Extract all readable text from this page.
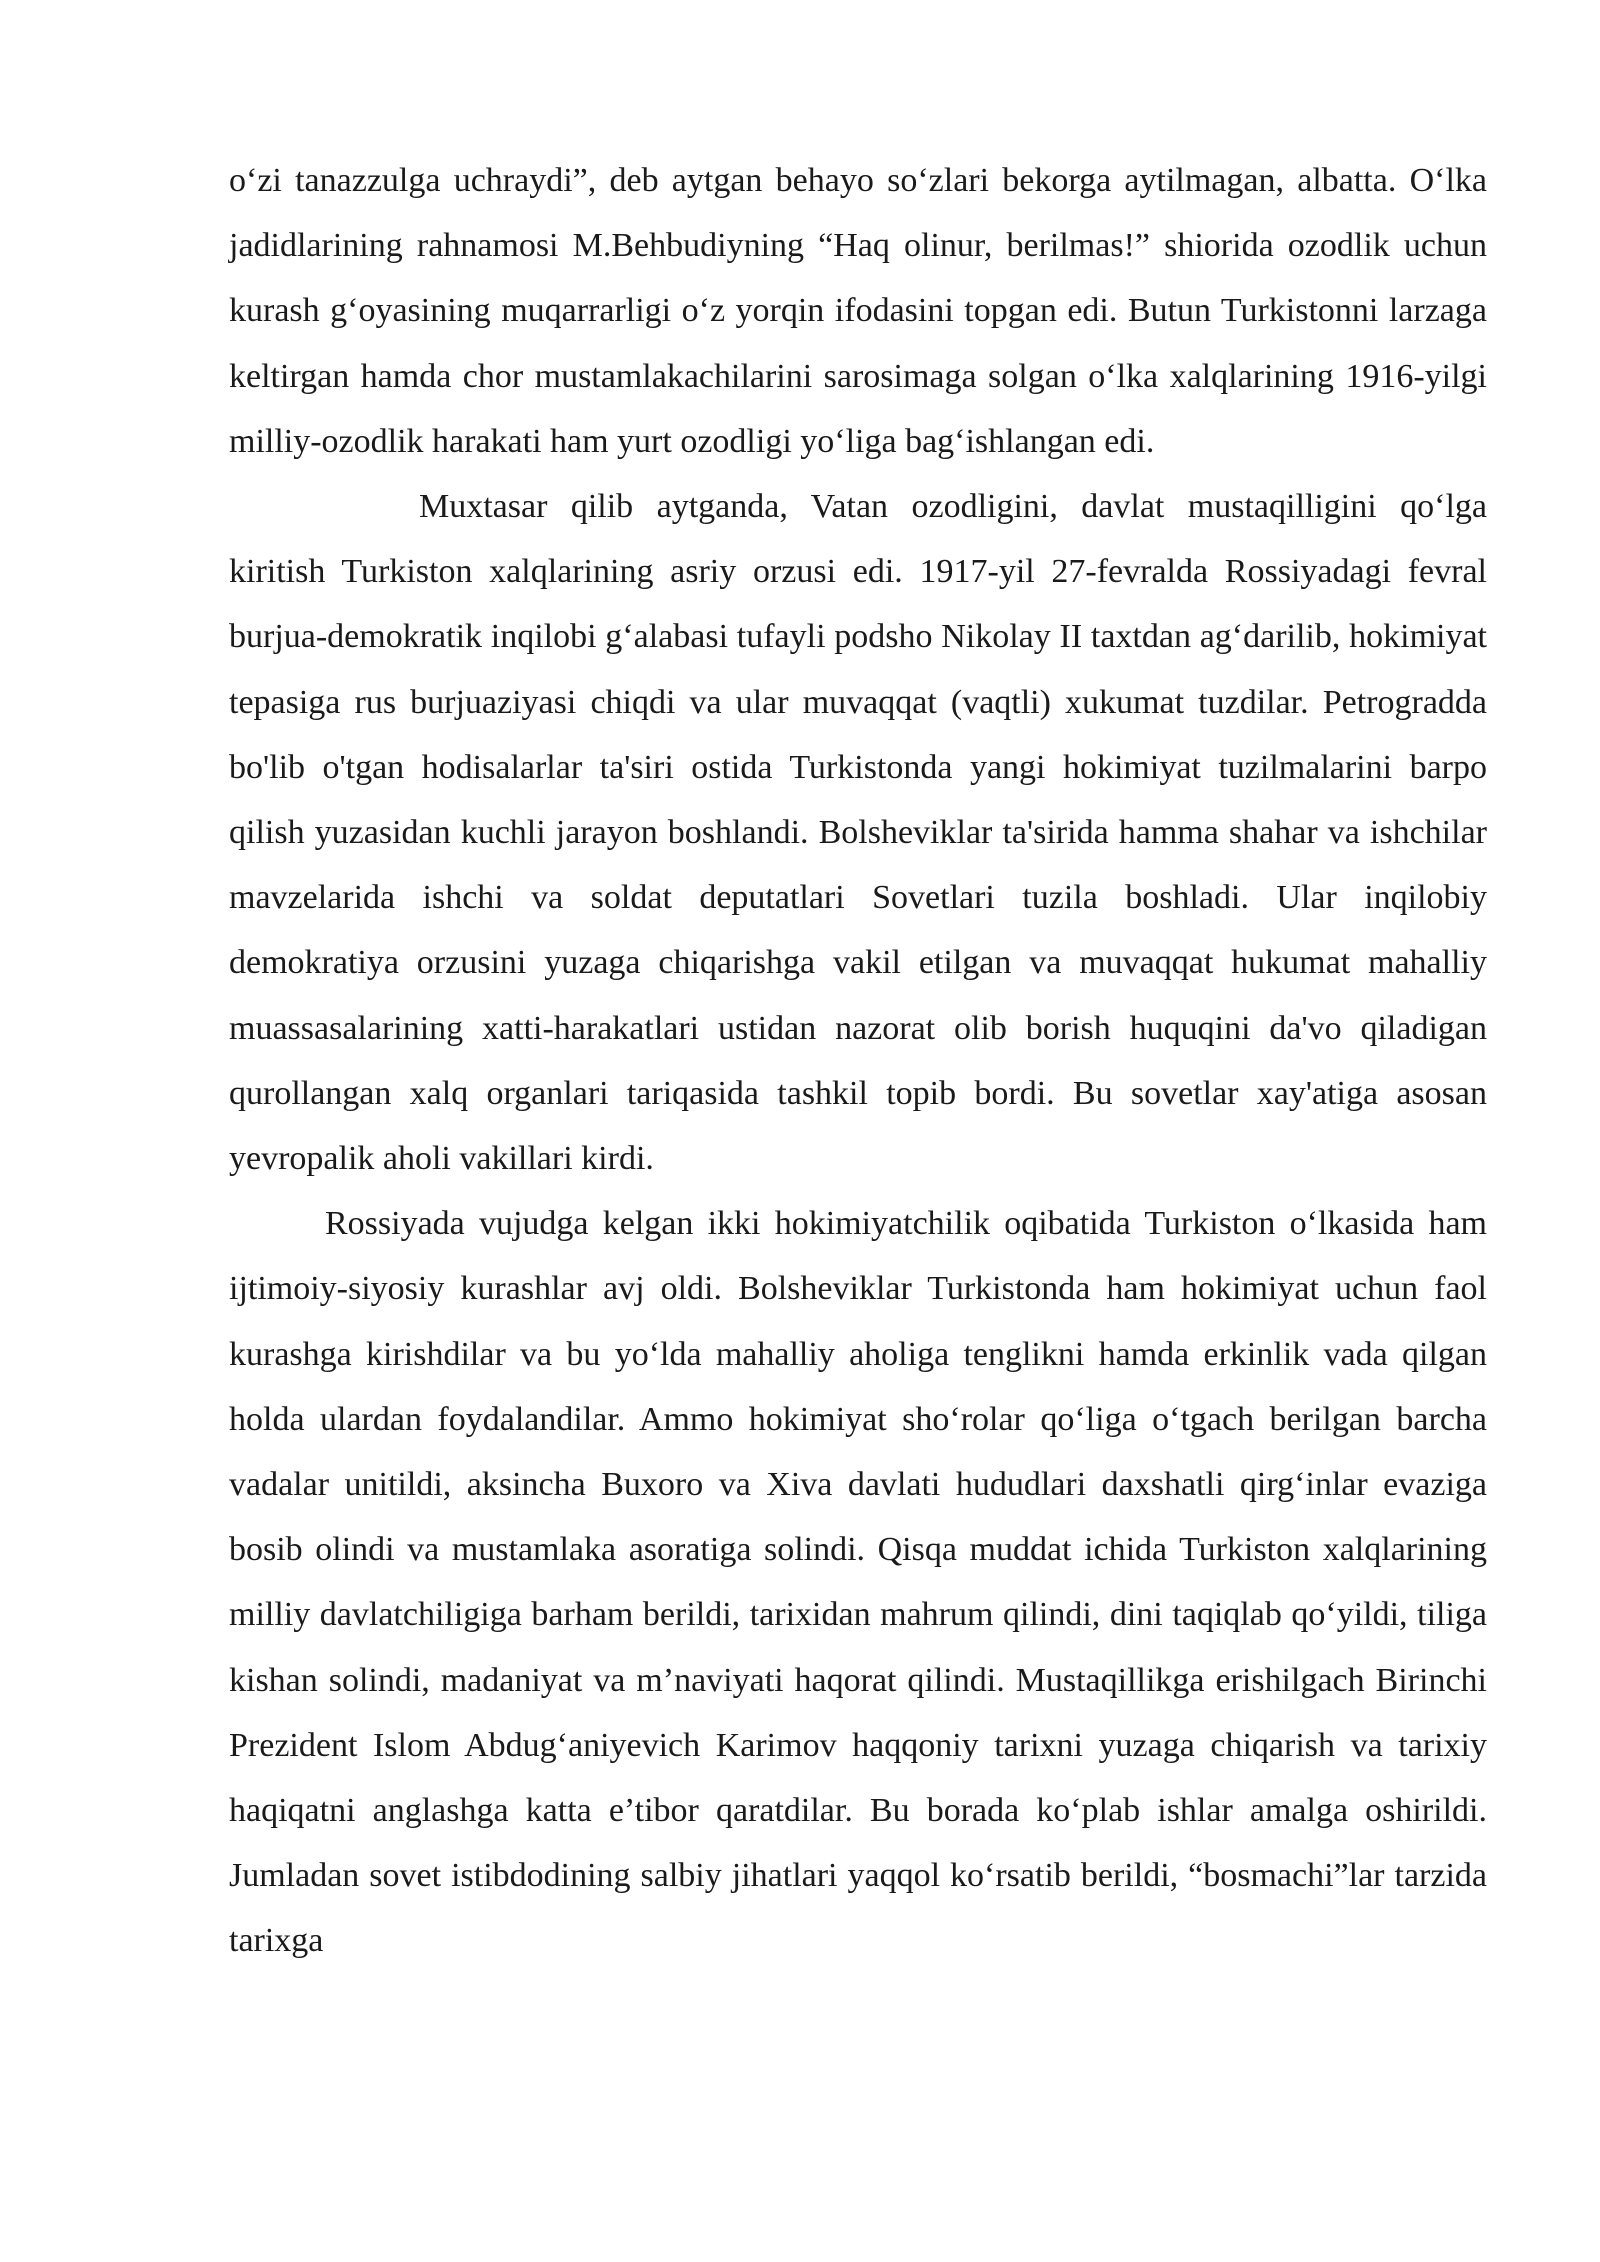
o‘zi tanazzulga uchraydi”, deb aytgan behayo so‘zlari bekorga aytilmagan, albatta. O‘lka jadidlarining rahnamosi M.Behbudiyning “Haq olinur, berilmas!” shiorida ozodlik uchun kurash g‘oyasining muqarrarligi o‘z yorqin ifodasini topgan edi. Butun Turkistonni larzaga keltirgan hamda chor mustamlakachilarini sarosimaga solgan o‘lka xalqlarining 1916-yilgi milliy-ozodlik harakati ham yurt ozodligi yo‘liga bag‘ishlangan edi.

Muxtasar qilib aytganda, Vatan ozodligini, davlat mustaqilligini qo‘lga kiritish Turkiston xalqlarining asriy orzusi edi. 1917-yil 27-fevralda Rossiyadagi fevral burjua-demokratik inqilobi g‘alabasi tufayli podsho Nikolay II taxtdan ag‘darilib, hokimiyat tepasiga rus burjuaziyasi chiqdi va ular muvaqqat (vaqtli) xukumat tuzdilar. Petrogradda bo'lib o'tgan hodisalarlar ta'siri ostida Turkistonda yangi hokimiyat tuzilmalarini barpo qilish yuzasidan kuchli jarayon boshlandi. Bolsheviklar ta'sirida hamma shahar va ishchilar mavzelarida ishchi va soldat deputatlari Sovetlari tuzila boshladi. Ular inqilobiy demokratiya orzusini yuzaga chiqarishga vakil etilgan va muvaqqat hukumat mahalliy muassasalarining xatti-harakatlari ustidan nazorat olib borish huquqini da'vo qiladigan qurollangan xalq organlari tariqasida tashkil topib bordi. Bu sovetlar xay'atiga asosan yevropalik aholi vakillari kirdi.

Rossiyada vujudga kelgan ikki hokimiyatchilik oqibatida Turkiston o‘lkasida ham ijtimoiy-siyosiy kurashlar avj oldi. Bolsheviklar Turkistonda ham hokimiyat uchun faol kurashga kirishdilar va bu yo‘lda mahalliy aholiga tenglikni hamda erkinlik vada qilgan holda ulardan foydalandilar. Ammo hokimiyat sho‘rolar qo‘liga o‘tgach berilgan barcha vadalar unitildi, aksincha Buxoro va Xiva davlati hududlari daxshatli qirg‘inlar evaziga bosib olindi va mustamlaka asoratiga solindi. Qisqa muddat ichida Turkiston xalqlarining milliy davlatchiligiga barham berildi, tarixidan mahrum qilindi, dini taqiqlab qo‘yildi, tiliga kishan solindi, madaniyat va m’naviyati haqorat qilindi. Mustaqillikga erishilgach Birinchi Prezident Islom Abdug‘aniyevich Karimov haqqoniy tarixni yuzaga chiqarish va tarixiy haqiqatni anglashga katta e’tibor qaratdilar. Bu borada ko‘plab ishlar amalga oshirildi. Jumladan sovet istibdodining salbiy jihatlari yaqqol ko‘rsatib berildi, “bosmachi”lar tarzida tarixga
